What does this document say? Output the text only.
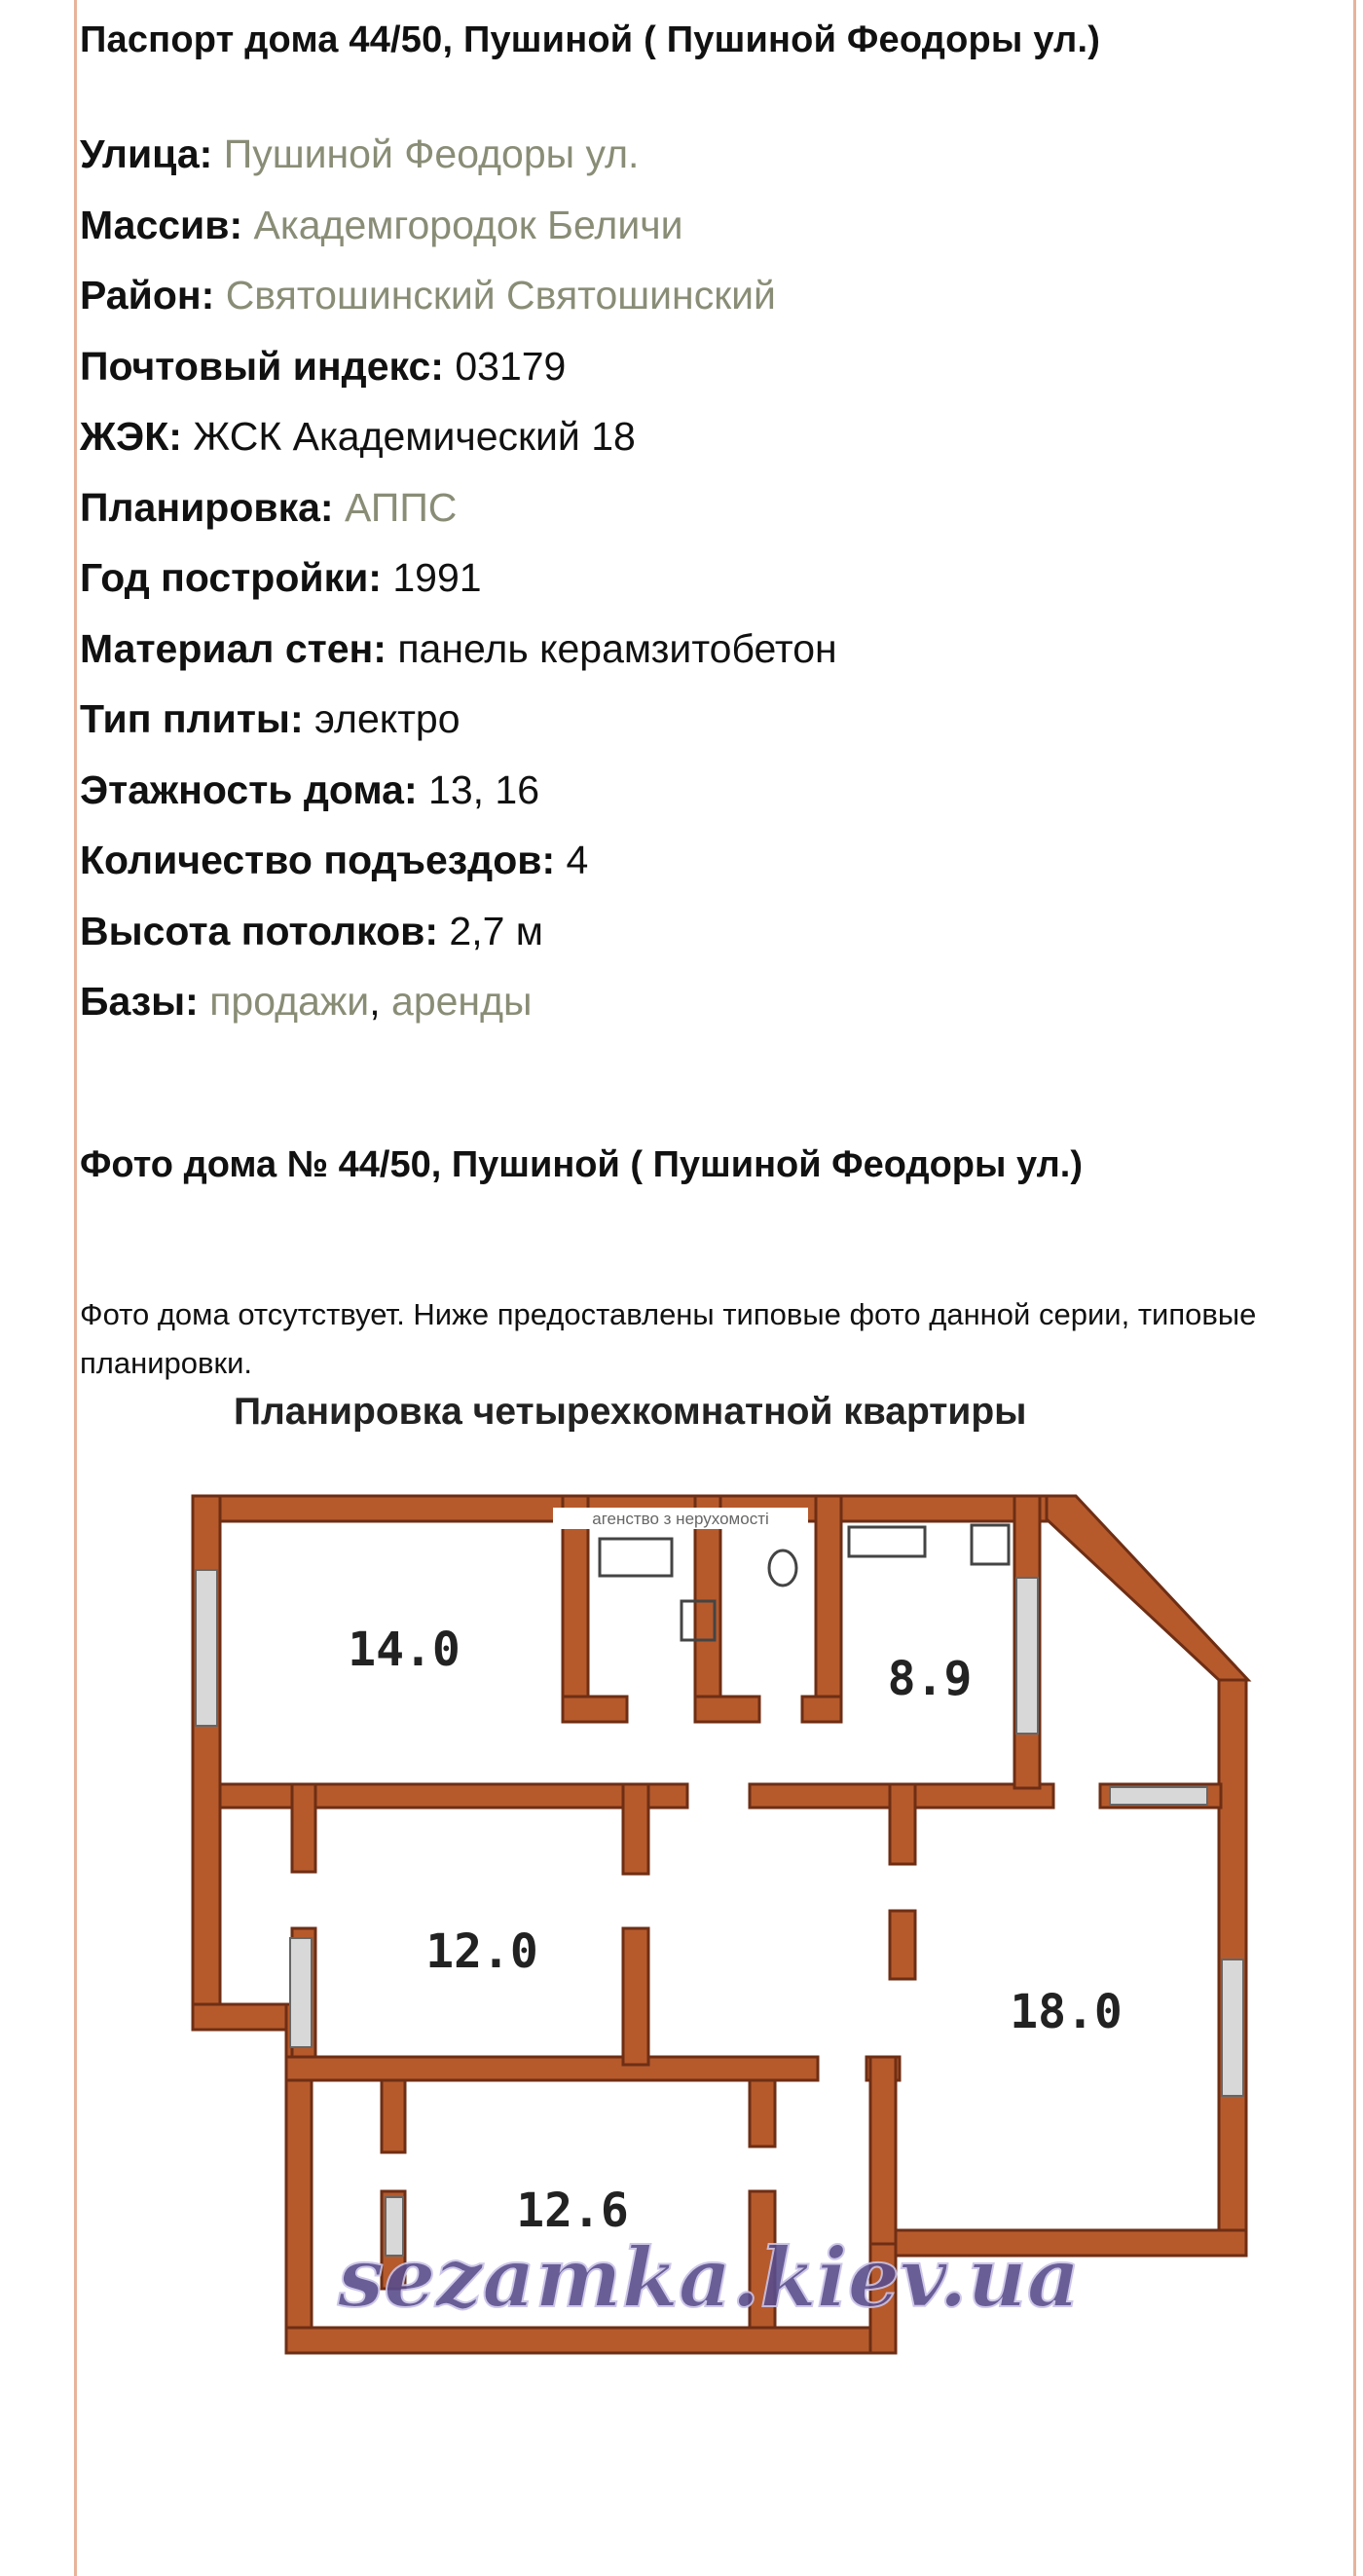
Паспорт дома 44/50, Пушиной ( Пушиной Феодоры ул.)
Улица: Пушиной Феодоры ул.
Массив: Академгородок Беличи
Район: Святошинский Святошинский
Почтовый индекс: 03179
ЖЭК: ЖСК Академический 18
Планировка: АППС
Год постройки: 1991
Материал стен: панель керамзитобетон
Тип плиты: электро
Этажность дома: 13, 16
Количество подъездов: 4
Высота потолков: 2,7 м
Базы: продажи, аренды
Фото дома № 44/50, Пушиной ( Пушиной Феодоры ул.)

Фото дома отсутствует. Ниже предоставлены типовые фото данной серии, типовые планировки.

Планировка четырехкомнатной квартиры
агенство з нерухомості
14.0
8.9
12.0
18.0
12.6
sezamka.kiev.ua
